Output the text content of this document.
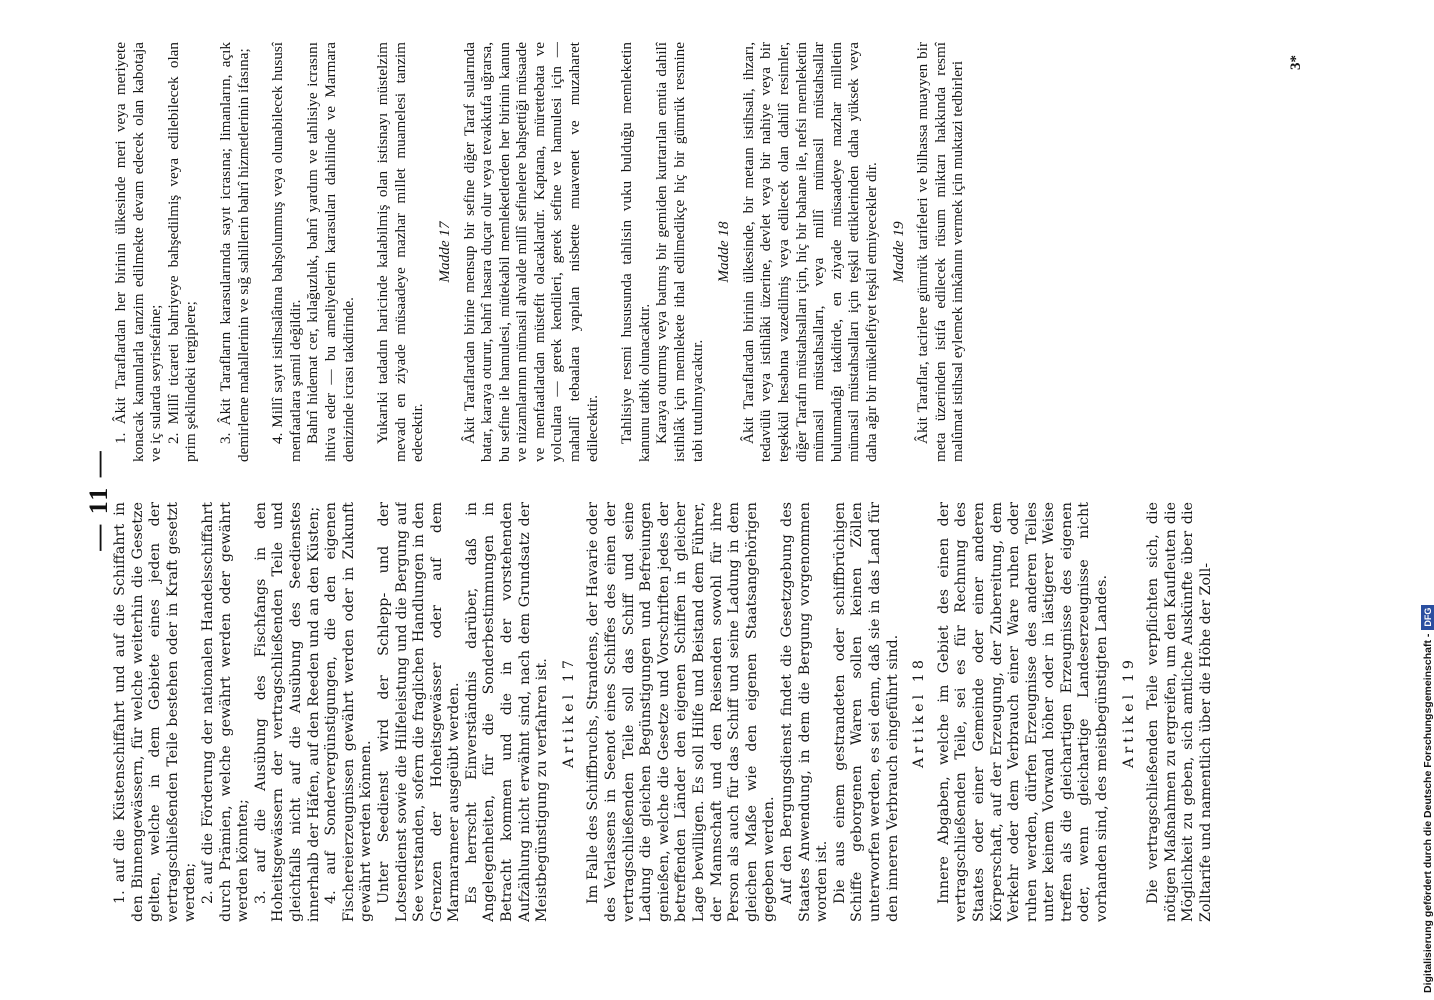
— 11 —

1. auf die Küstenschiffahrt und auf die Schiffahrt in den Binnengewässern, für welche weiterhin die Gesetze gelten, welche in dem Gebiete eines jeden der vertragschließenden Teile bestehen oder in Kraft gesetzt werden; 2. auf die Förderung der nationalen Handelsschiffahrt durch Prämien, welche gewährt werden oder gewährt werden könnten; 3. auf die Ausübung des Fischfangs in den Hoheitsgewässern der vertragschließenden Teile und gleichfalls nicht auf die Ausübung des Seedienstes innerhalb der Häfen, auf den Reeden und an den Küsten; 4. auf Sondervergünstigungen, die den eigenen Fischereierzeugnissen gewährt werden oder in Zukunft gewährt werden können. Unter Seedienst wird der Schlepp- und der Lotsendienst sowie die Hilfeleistung und die Bergung auf See verstanden, sofern die fraglichen Handlungen in den Grenzen der Hoheitsgewässer oder auf dem Marmarameer ausgeübt werden. Es herrscht Einverständnis darüber, daß in Angelegenheiten, für die Sonderbestimmungen in Betracht kommen und die in der vorstehenden Aufzählung nicht erwähnt sind, nach dem Grundsatz der Meistbegünstigung zu verfahren ist. Artikel 17 Im Falle des Schiffbruchs, Strandens, der Havarie oder des Verlassens in Seenot eines Schiffes des einen der vertragschließenden Teile soll das Schiff und seine Ladung die gleichen Begünstigungen und Befreiungen genießen, welche die Gesetze und Vorschriften jedes der betreffenden Länder den eigenen Schiffen in gleicher Lage bewilligen. Es soll Hilfe und Beistand dem Führer, der Mannschaft und den Reisenden sowohl für ihre Person als auch für das Schiff und seine Ladung in dem gleichen Maße wie den eigenen Staatsangehörigen gegeben werden. Auf den Bergungsdienst findet die Gesetzgebung des Staates Anwendung, in dem die Bergung vorgenommen worden ist. Die aus einem gestrandeten oder schiffbrüchigen Schiffe geborgenen Waren sollen keinen Zöllen unterworfen werden, es sei denn, daß sie in das Land für den inneren Verbrauch eingeführt sind. Artikel 18 Innere Abgaben, welche im Gebiet des einen der vertragschließenden Teile, sei es für Rechnung des Staates oder einer Gemeinde oder einer anderen Körperschaft, auf der Erzeugung, der Zubereitung, dem Verkehr oder dem Verbrauch einer Ware ruhen oder ruhen werden, dürfen Erzeugnisse des anderen Teiles unter keinem Vorwand höher oder in lästigerer Weise treffen als die gleichartigen Erzeugnisse des eigenen oder, wenn gleichartige Landeserzeugnisse nicht vorhanden sind, des meistbegünstigten Landes. Artikel 19 Die vertragschließenden Teile verpflichten sich, die nötigen Maßnahmen zu ergreifen, um den Kaufleuten die Möglichkeit zu geben, sich amtliche Auskünfte über die Zolltarife und namentlich über die Höhe der Zoll-

1. Âkit Taraflardan her birinin ülkesinde meri veya meriyete konacak kanunlarla tanzim edilmekte devam edecek olan kabotaja ve iç sularda seyrisefaine; 2. Millî ticareti bahriyeye bahşedilmiş veya edilebilecek olan prim şeklindeki tergiplere; 3. Âkit Tarafların karasularında sayıt icrasına; limanların, açık demirleme mahallerinin ve sığ sahillerin bahrî hizmetlerinin ifasına; 4. Millî sayıt istihsalâtına bahşolunmuş veya olunabilecek hususî menfaatlara şamil değildir. Bahrî hidemat cer, kılağuzluk, bahrî yardım ve tahlisiye icrasını ihtiva eder — bu ameliyelerin karasuları dahilinde ve Marmara denizinde icrası takdirinde. Yukarıki tadadın haricinde kalabilmiş olan istisnayı müstelzim mevadı en ziyade müsaadeye mazhar millet muamelesi tanzim edecektir.

Madde 17 Âkit Taraflardan birine mensup bir sefine diğer Taraf sularında batar, karaya oturur, bahrî hasara duçar olur veya tevakkufa uğrarsa, bu sefine ile hamulesi, mütekabil memleketlerden her birinin kanun ve nizamlarının mümasil ahvalde millî sefinelere bahşettiği müsaade ve menfaatlardan müstefit olacaklardır. Kaptana, mürettebata ve yolculara — gerek kendileri, gerek sefine ve hamulesi için — mahallî tebaalara yapılan nisbette muavenet ve muzaharet edilecektir. Tahlisiye resmi hususunda tahlisin vuku bulduğu memleketin kanunu tatbik olunacaktır. Karaya oturmuş veya batmış bir gemiden kurtarılan emtia dahilî istihlâk için memlekete ithal edilmedikçe hiç bir gümrük resmine tabi tutulmıyacaktır.

Madde 18 Âkit Taraflardan birinin ülkesinde, bir metaın istihsali, ihzarı, tedavülü veya istihlâki üzerine, devlet veya bir nahiye veya bir teşekkül hesabına vazedilmiş veya edilecek olan dahilî resimler, diğer Tarafın müstahsalları için, hiç bir bahane ile, nefsi memleketin mümasil müstahsalları, veya millî mümasil müstahsallar bulunmadığı takdirde, en ziyade müsaadeye mazhar milletin mümasil müstahsalları için teşkil ettiklerinden daha yüksek veya daha ağır bir mükellefiyet teşkil etmiyecekler dir. Madde 19 Âkit Taraflar, tacirlere gümrük tarifeleri ve bilhassa muayyen bir meta üzerinden istifa edilecek rüsum miktarı hakkında resmî malûmat istihsal eylemek imkânını vermek için muktazi tedbirleri	3*
Digitalisierung gefördert durch die Deutsche Forschungsgemeinschaft -DFG
